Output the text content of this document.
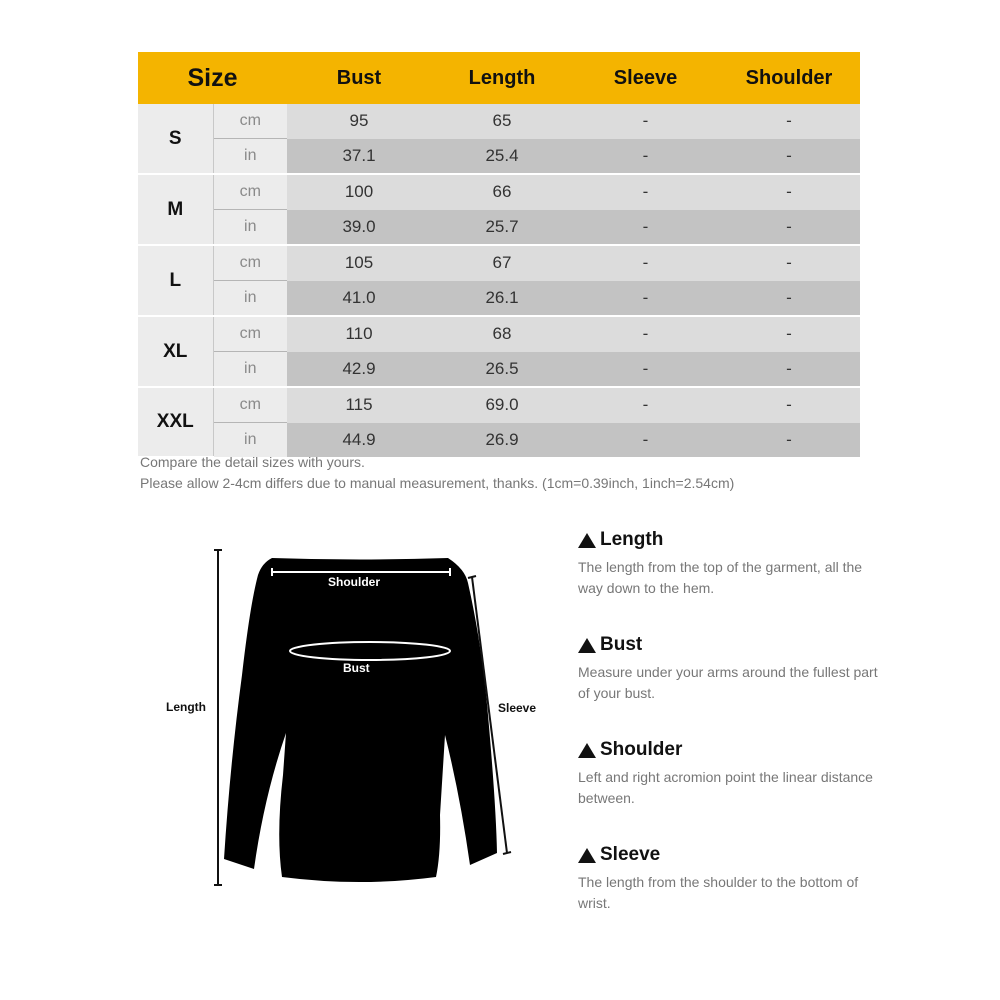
Size		Bust	Length	Sleeve	Shoulder
S	cm	95	65	-	-
	in	37.1	25.4	-	-
M	cm	100	66	-	-
	in	39.0	25.7	-	-
L	cm	105	67	-	-
	in	41.0	26.1	-	-
XL	cm	110	68	-	-
	in	42.9	26.5	-	-
XXL	cm	115	69.0	-	-
	in	44.9	26.9	-	-

Compare the detail sizes with yours.

Please allow 2-4cm differs due to manual measurement, thanks. (1cm=0.39inch, 1inch=2.54cm)

Shoulder
Bust
Length	Sleeve
Length
The length from the top of the garment, all the way down to the hem.
Bust
Measure under your arms around the fullest part of your bust.
Shoulder
Left and right acromion point the linear distance between.
Sleeve
The length from the shoulder to the bottom of wrist.
